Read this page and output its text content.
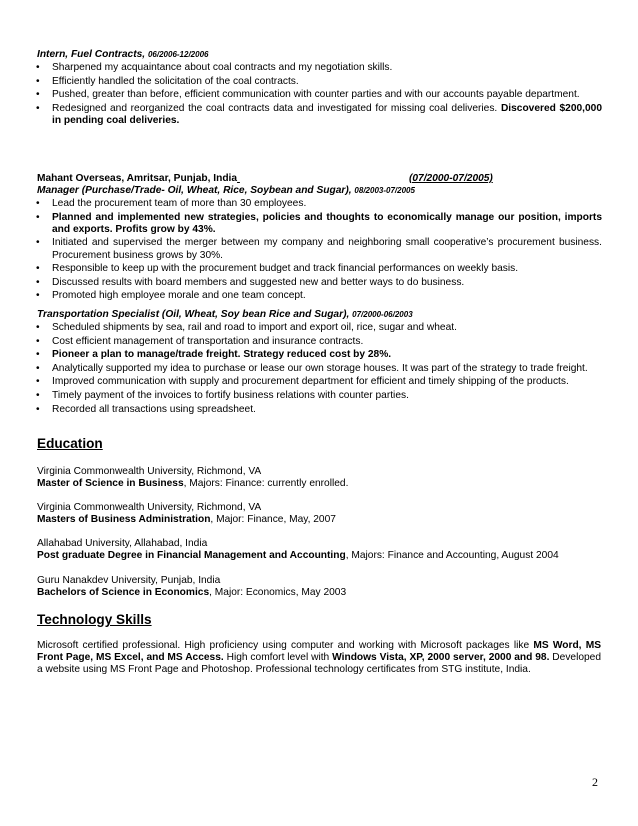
Intern, Fuel Contracts, 06/2006-12/2006
• Sharpened my acquaintance about coal contracts and my negotiation skills.
• Efficiently handled the solicitation of the coal contracts.
• Pushed, greater than before, efficient communication with counter parties and with our accounts payable department.
• Redesigned and reorganized the coal contracts data and investigated for missing coal deliveries. Discovered $200,000 in pending coal deliveries.
Mahant Overseas, Amritsar, Punjab, India	(07/2000-07/2005)
Manager (Purchase/Trade- Oil, Wheat, Rice, Soybean and Sugar), 08/2003-07/2005
• Lead the procurement team of more than 30 employees.
• Planned and implemented new strategies, policies and thoughts to economically manage our position, imports and exports. Profits grow by 43%.
• Initiated and supervised the merger between my company and neighboring small cooperative’s procurement business. Procurement business grows by 30%.
• Responsible to keep up with the procurement budget and track financial performances on weekly basis.
• Discussed results with board members and suggested new and better ways to do business.
• Promoted high employee morale and one team concept.
Transportation Specialist (Oil, Wheat, Soy bean Rice and Sugar), 07/2000-06/2003
• Scheduled shipments by sea, rail and road to import and export oil, rice, sugar and wheat.
• Cost efficient management of transportation and insurance contracts.
• Pioneer a plan to manage/trade freight. Strategy reduced cost by 28%.
• Analytically supported my idea to purchase or lease our own storage houses. It was part of the strategy to trade freight.
• Improved communication with supply and procurement department for efficient and timely shipping of the products.
• Timely payment of the invoices to fortify business relations with counter parties.
• Recorded all transactions using spreadsheet.
Education
Virginia Commonwealth University, Richmond, VA
Master of Science in Business, Majors: Finance: currently enrolled.
Virginia Commonwealth University, Richmond, VA
Masters of Business Administration, Major: Finance, May, 2007
Allahabad University, Allahabad, India
Post graduate Degree in Financial Management and Accounting, Majors: Finance and Accounting, August 2004
Guru Nanakdev University, Punjab, India
Bachelors of Science in Economics, Major: Economics, May 2003
Technology Skills
Microsoft certified professional. High proficiency using computer and working with Microsoft packages like MS Word, MS Front Page, MS Excel, and MS Access. High comfort level with Windows Vista, XP, 2000 server, 2000 and 98. Developed a website using MS Front Page and Photoshop. Professional technology certificates from STG institute, India.
2
